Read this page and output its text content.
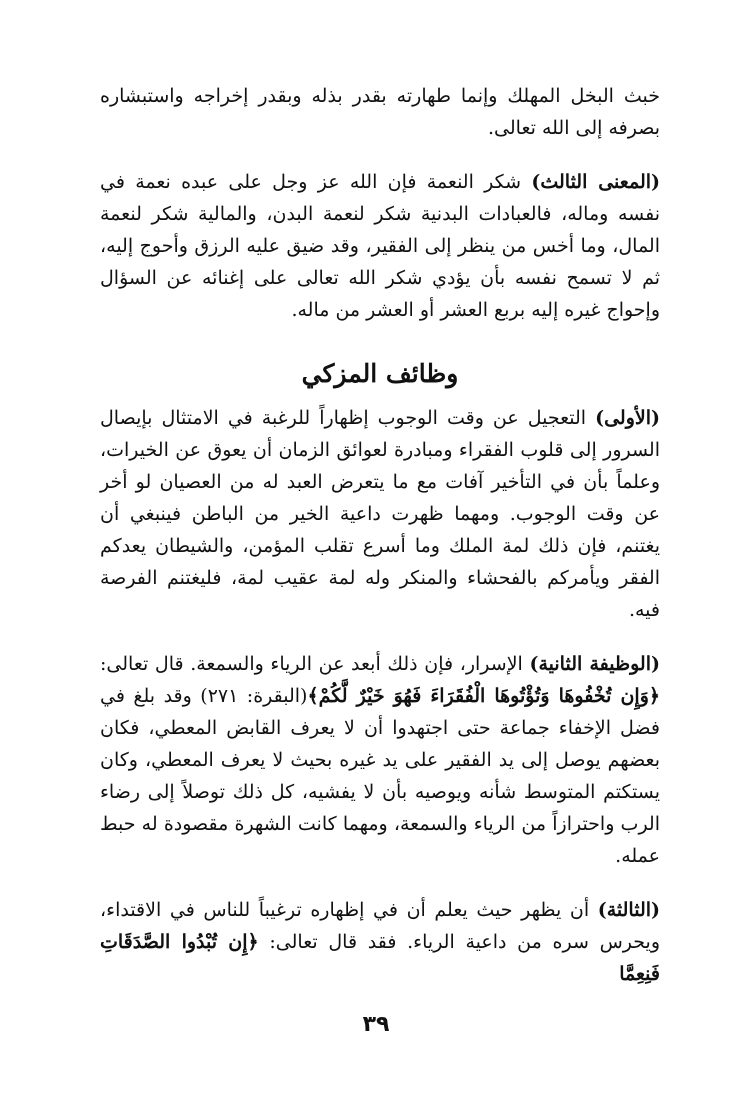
خبث البخل المهلك وإنما طهارته بقدر بذله وبقدر إخراجه واستبشاره بصرفه إلى الله تعالى.

(المعنى الثالث) شكر النعمة فإن الله عز وجل على عبده نعمة في نفسه وماله، فالعبادات البدنية شكر لنعمة البدن، والمالية شكر لنعمة المال، وما أخس من ينظر إلى الفقير، وقد ضيق عليه الرزق وأحوج إليه، ثم لا تسمح نفسه بأن يؤدي شكر الله تعالى على إغنائه عن السؤال وإحواج غيره إليه بربع العشر أو العشر من ماله.

وظائف المزكي

(الأولى) التعجيل عن وقت الوجوب إظهاراً للرغبة في الامتثال بإيصال السرور إلى قلوب الفقراء ومبادرة لعوائق الزمان أن يعوق عن الخيرات، وعلماً بأن في التأخير آفات مع ما يتعرض العبد له من العصيان لو أخر عن وقت الوجوب. ومهما ظهرت داعية الخير من الباطن فينبغي أن يغتنم، فإن ذلك لمة الملك وما أسرع تقلب المؤمن، والشيطان يعدكم الفقر ويأمركم بالفحشاء والمنكر وله لمة عقيب لمة، فليغتنم الفرصة فيه.

(الوظيفة الثانية) الإسرار، فإن ذلك أبعد عن الرياء والسمعة. قال تعالى: ﴿وَإِن تُخْفُوهَا وَتُؤْتُوهَا الْفُقَرَاءَ فَهُوَ خَيْرٌ لَّكُمْ﴾(البقرة: ٢٧١) وقد بلغ في فضل الإخفاء جماعة حتى اجتهدوا أن لا يعرف القابض المعطي، فكان بعضهم يوصل إلى يد الفقير على يد غيره بحيث لا يعرف المعطي، وكان يستكتم المتوسط شأنه ويوصيه بأن لا يفشيه، كل ذلك توصلاً إلى رضاء الرب واحترازاً من الرياء والسمعة، ومهما كانت الشهرة مقصودة له حبط عمله.

(الثالثة) أن يظهر حيث يعلم أن في إظهاره ترغيباً للناس في الاقتداء، ويحرس سره من داعية الرياء. فقد قال تعالى: ﴿إِن تُبْدُوا الصَّدَقَاتِ فَنِعِمَّا

٣٩
